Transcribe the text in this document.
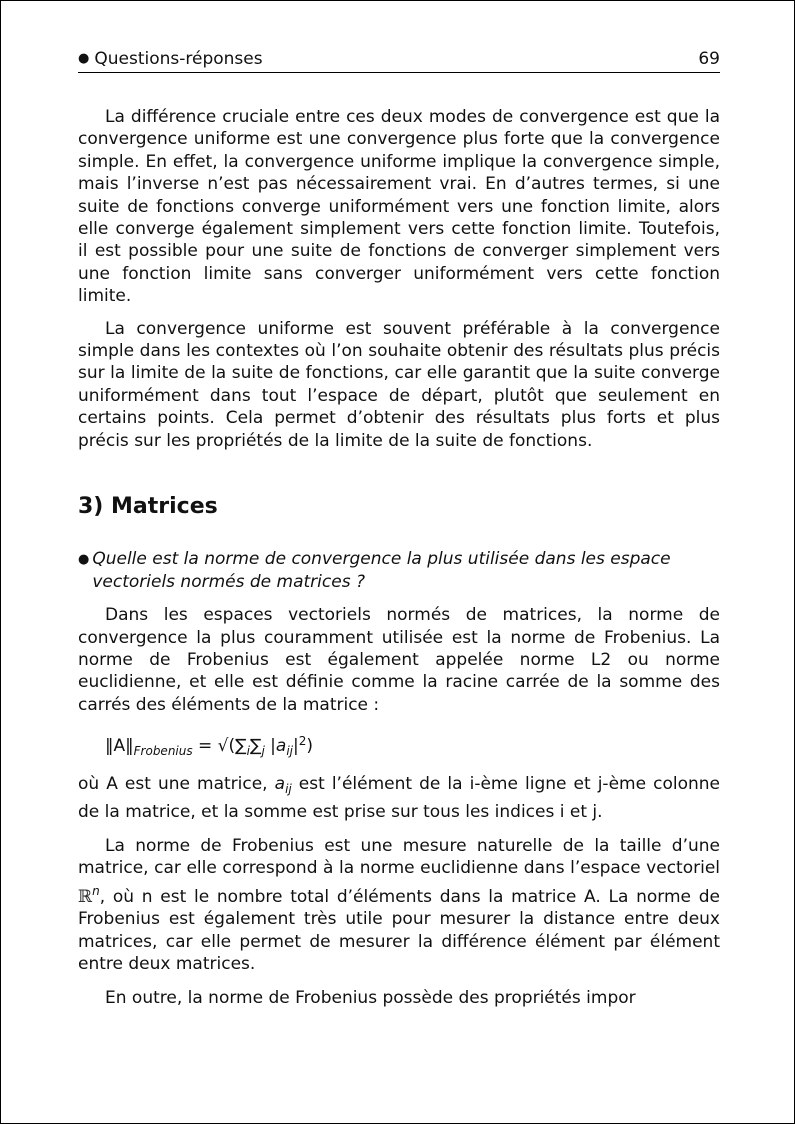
● Questions-réponses	69

La différence cruciale entre ces deux modes de convergence est que la convergence uniforme est une convergence plus forte que la convergence simple. En effet, la convergence uniforme implique la convergence simple, mais l’inverse n’est pas nécessairement vrai. En d’autres termes, si une suite de fonctions converge uniformément vers une fonction limite, alors elle converge également simplement vers cette fonction limite. Toutefois, il est possible pour une suite de fonctions de converger simplement vers une fonction limite sans converger uniformément vers cette fonction limite.

La convergence uniforme est souvent préférable à la convergence simple dans les contextes où l’on souhaite obtenir des résultats plus précis sur la limite de la suite de fonctions, car elle garantit que la suite converge uniformément dans tout l’espace de départ, plutôt que seulement en certains points. Cela permet d’obtenir des résultats plus forts et plus précis sur les propriétés de la limite de la suite de fonctions.

3) Matrices
● Quelle est la norme de convergence la plus utilisée dans les espace vectoriels normés de matrices ?

Dans les espaces vectoriels normés de matrices, la norme de convergence la plus couramment utilisée est la norme de Frobenius. La norme de Frobenius est également appelée norme L2 ou norme euclidienne, et elle est définie comme la racine carrée de la somme des carrés des éléments de la matrice :

$‖A‖_{Frobenius} = √(\sum_i\sum_j$ $|a_{ij}|^2$)

où A est une matrice, $a_{ij}$ est l’élément de la i-ème ligne et j-ème colonne de la matrice, et la somme est prise sur tous les indices i et j.

La norme de Frobenius est une mesure naturelle de la taille d’une matrice, car elle correspond à la norme euclidienne dans l’espace vectoriel ℝ$^n$, où n est le nombre total d’éléments dans la matrice A. La norme de Frobenius est également très utile pour mesurer la distance entre deux matrices, car elle permet de mesurer la différence élément par élément entre deux matrices.

En outre, la norme de Frobenius possède des propriétés impor
